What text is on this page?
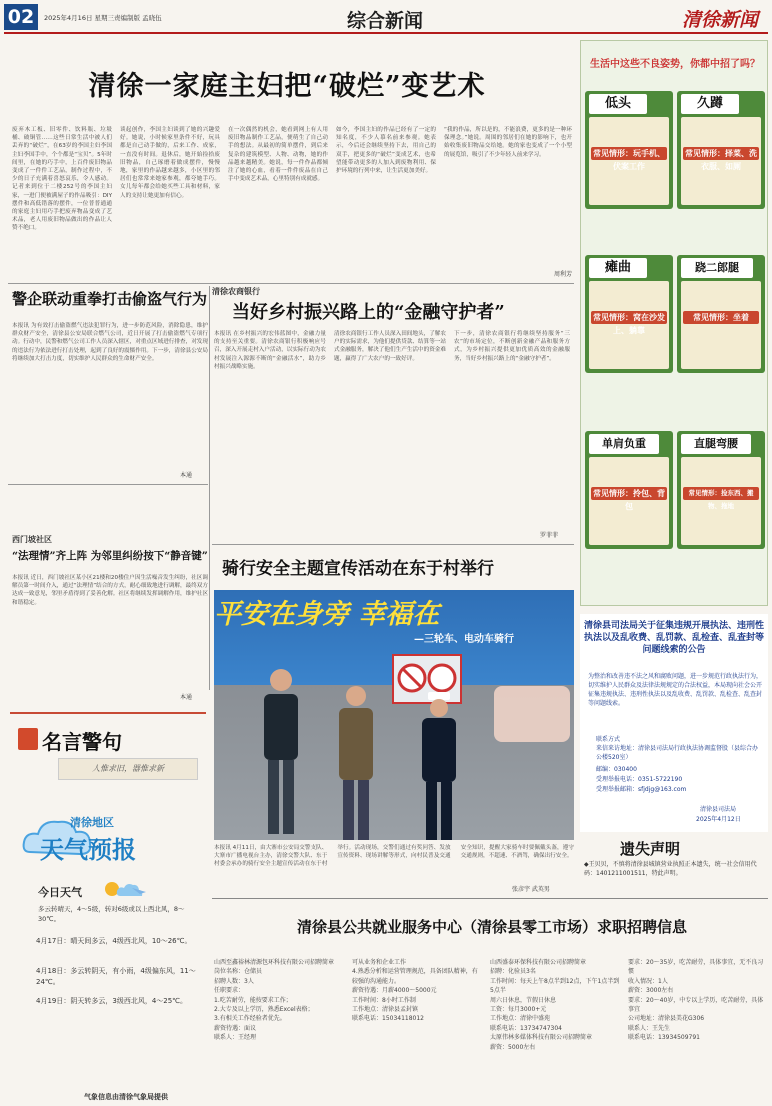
02	2025年4月16日 星期三 责编制版 孟晓伍	综合新闻	清徐新闻
清徐一家庭主妇把“破烂”变艺术
废弃木工板、旧零件、饮料瓶、垃圾桶、破铜管……这些日常生活中被人们丢弃的“破烂”，在63岁的李国主妇李国主妇李国手中，个个都是“宝贝”。5年时间里，在她的巧手中，上百件废旧物品变成了一件件工艺品，制作过程中，不少的日子充满着喜怒哀乐，令人感动。记者来到位于二楼252号的李国主妇家，一进门便被满屋子的作品吸引：DIY摆件和高低错落的摆件，一位普普通通的家庭主妇用巧手把废弃物品变成了艺术品，老人用废旧物品做出的作品让人赞不绝口。
谈起创作，李国主妇谈到了她的兴趣爱好。她说，小时候家里条件不好，玩具都是自己动手做的，后来工作、成家，一直没有时间。退休后，她开始捡拾废旧物品，自己琢磨着做成摆件，慢慢地，家里的作品越来越多，小区里的邻居们也常常来她家参观，都夸她手巧。女儿每年都会给她买些工具和材料，家人的支持让她更加有信心。
在一次偶然的机会，她看到网上有人用废旧物品制作工艺品，便萌生了自己动手的想法。从最初的简单摆件，到后来复杂的建筑模型、人物、动物，她的作品越来越精美。她说，每一件作品都倾注了她的心血，看着一件件废品在自己手中变成艺术品，心里特别有成就感。
如今，李国主妇的作品已经有了一定的知名度，不少人慕名前来参观。她表示，今后还会继续坚持下去，用自己的双手，把更多的“破烂”变成艺术，也希望能带动更多的人加入到废物利用、保护环境的行列中来，让生活更加美好。
“我的作品，所以是的，不能浪费，更多的是一种环保理念。”她说。周围的邻居们在她的影响下，也开始收集废旧物品交给她。她的家也变成了一个小型的展览馆，吸引了不少年轻人前来学习。
周利芳
警企联动重拳打击偷盗气行为
本报讯 为有效打击偷盗燃气违法犯罪行为，进一步防范风险，消除隐患，维护群众财产安全，清徐县公安局联合燃气公司，近日开展了打击偷盗燃气专项行动。行动中，民警和燃气公司工作人员深入辖区，对重点区域进行排查，对发现的违法行为依法进行打击处理，起到了良好的震慑作用。下一步，清徐县公安局将继续加大打击力度，切实维护人民群众的生命财产安全。
本通
清徐农商银行
当好乡村振兴路上的“金融守护者”
本报讯 在乡村振兴的宏伟蓝图中，金融力量的支持至关重要。清徐农商银行积极响应号召，深入开展走村入户活动，以实际行动为农村发展注入源源不断的“金融活水”，助力乡村振兴战略实施。
清徐农商银行工作人员深入田间地头，了解农户的实际需求，为他们提供贷款、结算等一站式金融服务，解决了他们生产生活中的资金难题，赢得了广大农户的一致好评。
下一步，清徐农商银行将继续坚持服务“三农”的市场定位，不断创新金融产品和服务方式，为乡村振兴提供更加优质高效的金融服务，当好乡村振兴路上的“金融守护者”。
罗菲菲
西门坡社区
“法理情”齐上阵 为邻里纠纷按下“静音键”
本报讯 近日，西门坡社区某小区21楼和20楼住户因生活噪音发生纠纷，社区调解员第一时间介入，通过“法理情”结合的方式，耐心细致地进行调解，最终双方达成一致意见，邻里矛盾得到了妥善化解。社区将继续发挥调解作用，维护社区和谐稳定。
本通
名言警句
人惟求旧，器惟求新
清徐地区
天气预报
今日天气
多云转晴天，4～5级，转对6级或以上西北风，8～30℃。
4月17日：晴天间多云，4级西北风，10～26℃。
4月18日：多云转阴天，有小雨，4级偏东风，11～24℃。
4月19日：阴天转多云，3级西北风，4～25℃。
气象信息由清徐气象局提供
骑行安全主题宣传活动在东于村举行
平安在身旁 幸福在
—三轮车、电动车骑行
本报讯 4月11日，由大寨市公安局交警支队、大寨市广播电视台主办，清徐交警大队、东于村委会承办的骑行安全主题宣传活动在东于村举行。活动现场，交警们通过有奖问答、发放宣传资料、现场讲解等形式，向村民普及交通安全知识，提醒大家骑车时要佩戴头盔，遵守交通规则，不超速、不酒驾，确保出行安全。
张彦宇 武英男
生活中这些不良姿势，你都中招了吗？
低头
常见情形：玩手机、伏案工作
久蹲
常见情形：择菜、洗衣服、如厕
瘫曲
常见情形：窝在沙发上、躺靠
跷二郎腿
常见情形：坐着
单肩负重
常见情形：拎包、背包
直腿弯腰
常见情形：捡东西、搬物、拖地
清徐县司法局关于征集违规开展执法、违刑性执法以及乱收费、乱罚款、乱检查、乱查封等问题线索的公告
为整治和改善违不法之风和腐败问题，进一步规范行政执法行为，切实维护人民群众及法律法规规定的合法权益，本局现向社会公开征集违规执法、违刑性执法以及乱收费、乱罚款、乱检查、乱查封等问题线索。
联系方式
来信来访地址：清徐县司法局行政执法协调监督股（县综合办公楼520室）
邮编：030400
受理举报电话：0351-5722190
受理举报邮箱：sfjdjg@163.com
清徐县司法局
2025年4月12日
遗失声明
◆王贝贝，不慎将清徐县城镇营业执照正本遗失，统一社会信用代码：1401211001511，特此声明。
清徐县公共就业服务中心（清徐县零工市场）求职招聘信息
山西至鑫裕林清源包环科技有限公司招聘简章
岗位名称：仓储员
招聘人数：3人
任职要求：
1.吃苦耐劳，能按要求工作；
2.大专及以上学历，熟悉Excel表格；
3.有相关工作经验者优先。
薪资待遇：面议
联系人：王经理
可从业务和企业工作
4.熟悉分析和运营管理规范，具备团队精神，有较强的沟通能力。
薪资待遇：月薪4000～5000元
工作时间：8小时工作制
工作地点：清徐县孟封镇
联系电话：15034118012
山西盛泰环保科技有限公司招聘简章
招聘：化验员3名
工作时间：每天上午8点半到12点，下午1点半到5点半
周六日休息，节假日休息
工资：每月3000+元
工作地点：清徐中盛苑
联系电话：13734747304
太原伟林多媒体科技有限公司招聘简章
薪资：5000左右
要求：20～35岁，吃苦耐劳，具体事宜，无不良习惯
收入情况：1人
薪资：3000左右
要求：20～40岁，中专以上学历，吃苦耐劳，具体事宜
公司地址：清徐县美花G306
联系人：王先生
联系电话：13934509791
